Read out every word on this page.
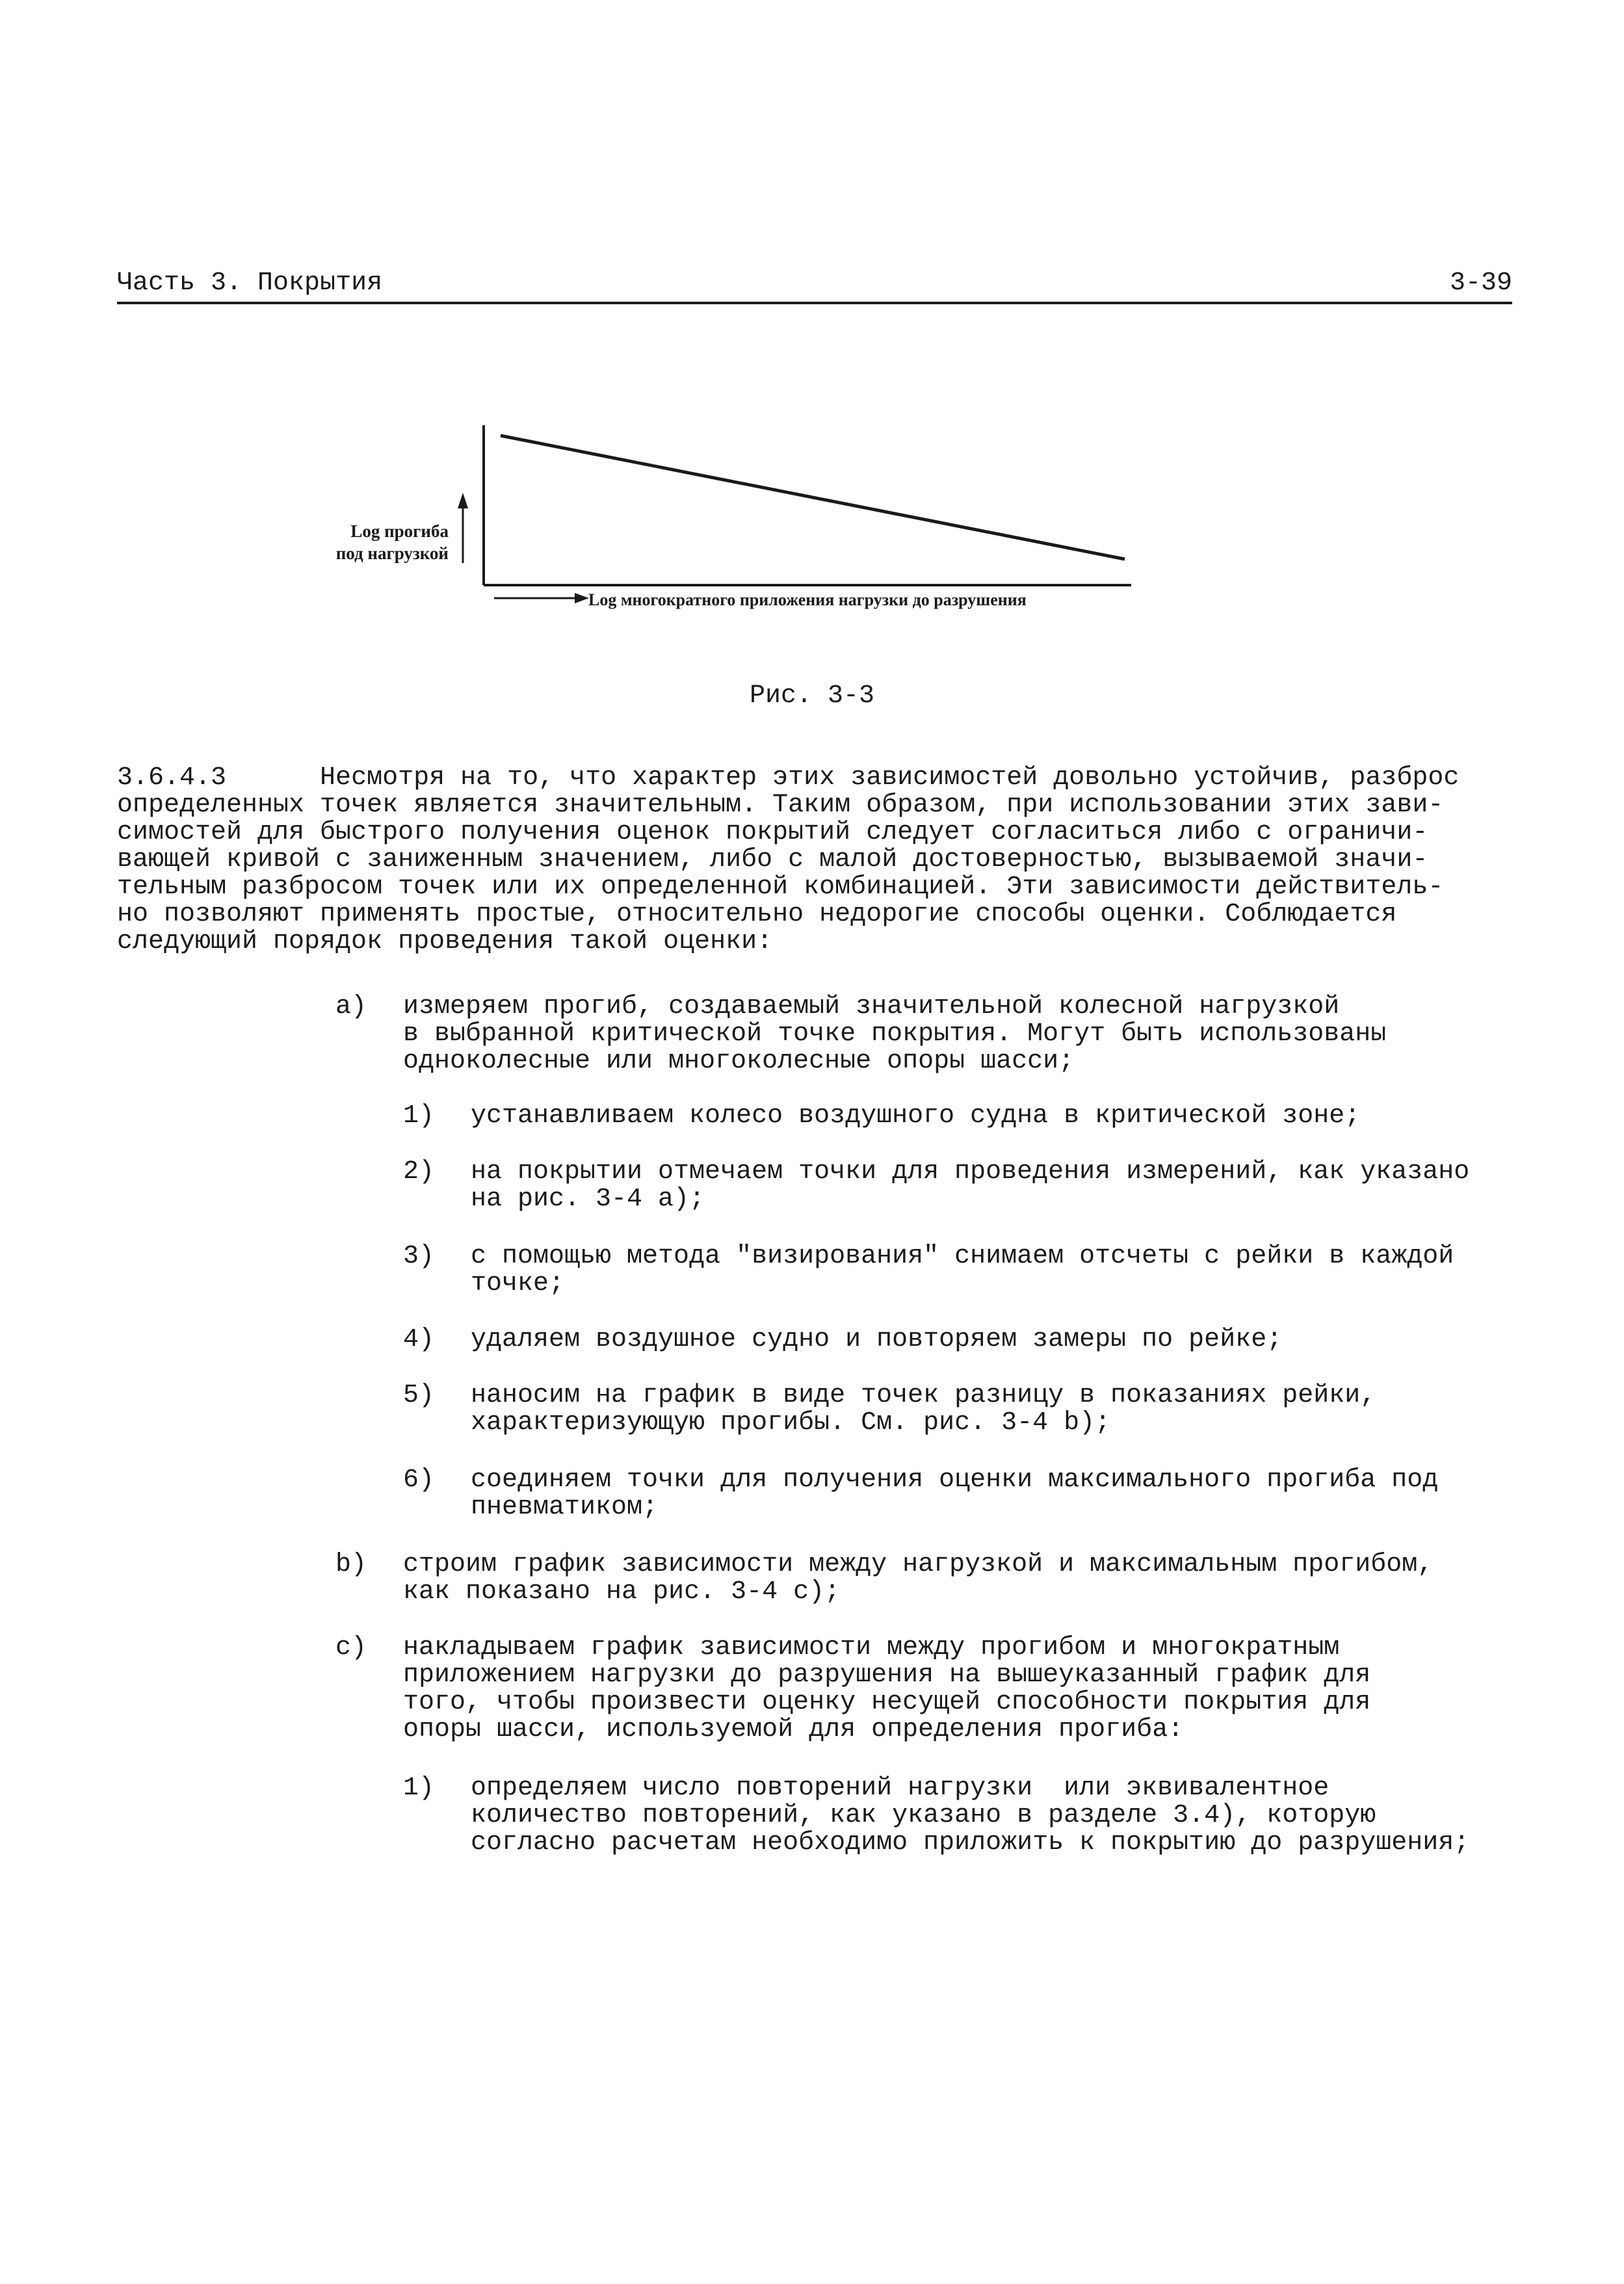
Часть 3. Покрытия	3-39
Log прогиба
под нагрузкой
Log многократного приложения нагрузки до разрушения
Рис. 3-3
3.6.4.3      Несмотря на то, что характер этих зависимостей довольно устойчив, разброс
определенных точек является значительным. Таким образом, при использовании этих зави-
симостей для быстрого получения оценок покрытий следует согласиться либо с ограничи-
вающей кривой с заниженным значением, либо с малой достоверностью, вызываемой значи-
тельным разбросом точек или их определенной комбинацией. Эти зависимости действитель-
но позволяют применять простые, относительно недорогие способы оценки. Соблюдается
следующий порядок проведения такой оценки:
a) измеряем прогиб, создаваемый значительной колесной нагрузкой
в выбранной критической точке покрытия. Могут быть использованы
одноколесные или многоколесные опоры шасси;
1) устанавливаем колесо воздушного судна в критической зоне;
2) на покрытии отмечаем точки для проведения измерений, как указано
на рис. 3-4 a);
3) с помощью метода "визирования" снимаем отсчеты с рейки в каждой
точке;
4) удаляем воздушное судно и повторяем замеры по рейке;
5) наносим на график в виде точек разницу в показаниях рейки,
характеризующую прогибы. См. рис. 3-4 b);
6) соединяем точки для получения оценки максимального прогиба под
пневматиком;
b) строим график зависимости между нагрузкой и максимальным прогибом,
как показано на рис. 3-4 c);
c) накладываем график зависимости между прогибом и многократным
приложением нагрузки до разрушения на вышеуказанный график для
того, чтобы произвести оценку несущей способности покрытия для
опоры шасси, используемой для определения прогиба:
1) определяем число повторений нагрузки  или эквивалентное
количество повторений, как указано в разделе 3.4), которую
согласно расчетам необходимо приложить к покрытию до разрушения;
